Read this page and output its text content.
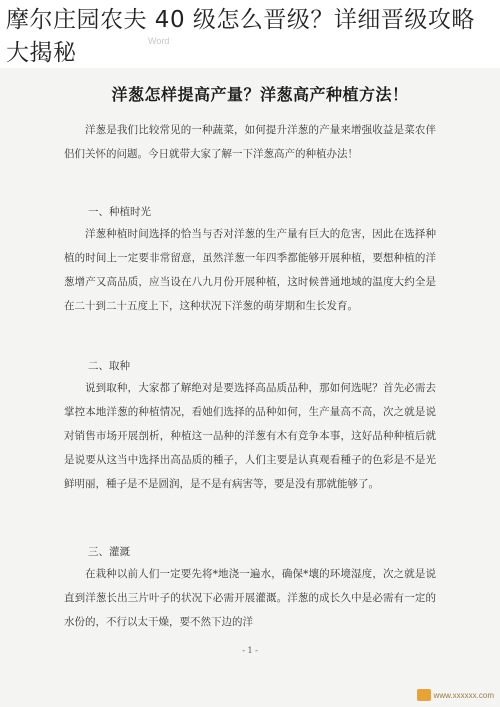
摩尔庄园农夫 40 级怎么晋级？详细晋级攻略大揭秘	Word
洋葱怎样提高产量？洋葱高产种植方法！
洋葱是我们比较常见的一种蔬菜，如何提升洋葱的产量来增强收益是菜农伴侣们关怀的问题。今日就带大家了解一下洋葱高产的种植办法！
一、种植时光
洋葱种植时间选择的恰当与否对洋葱的生产量有巨大的危害，因此在选择种植的时间上一定要非常留意，虽然洋葱一年四季都能够开展种植，要想种植的洋葱增产又高品质，应当设在八九月份开展种植，这时候普通地域的温度大约全是在二十到二十五度上下，这种状况下洋葱的萌芽期和生长发育。
二、取种
说到取种，大家都了解绝对是要选择高品质品种，那如何选呢？首先必需去掌控本地洋葱的种植情况，看她们选择的品种如何，生产量高不高，次之就是说对销售市场开展剖析，种植这一品种的洋葱有木有竞争本事，这好品种种植后就是说要从这当中选择出高品质的種子，人们主要是认真观看種子的色彩是不是光鲜明丽，種子是不是圆润，是不是有病害等，要是没有那就能够了。
三、灌溉
在栽种以前人们一定要先将*地浇一遍水，确保*壤的环境湿度，次之就是说直到洋葱长出三片叶子的状况下必需开展灌溉。洋葱的成长久中是必需有一定的水份的，不行以太干燥，要不然下边的洋
- 1 -
www.xxxxxx.com
